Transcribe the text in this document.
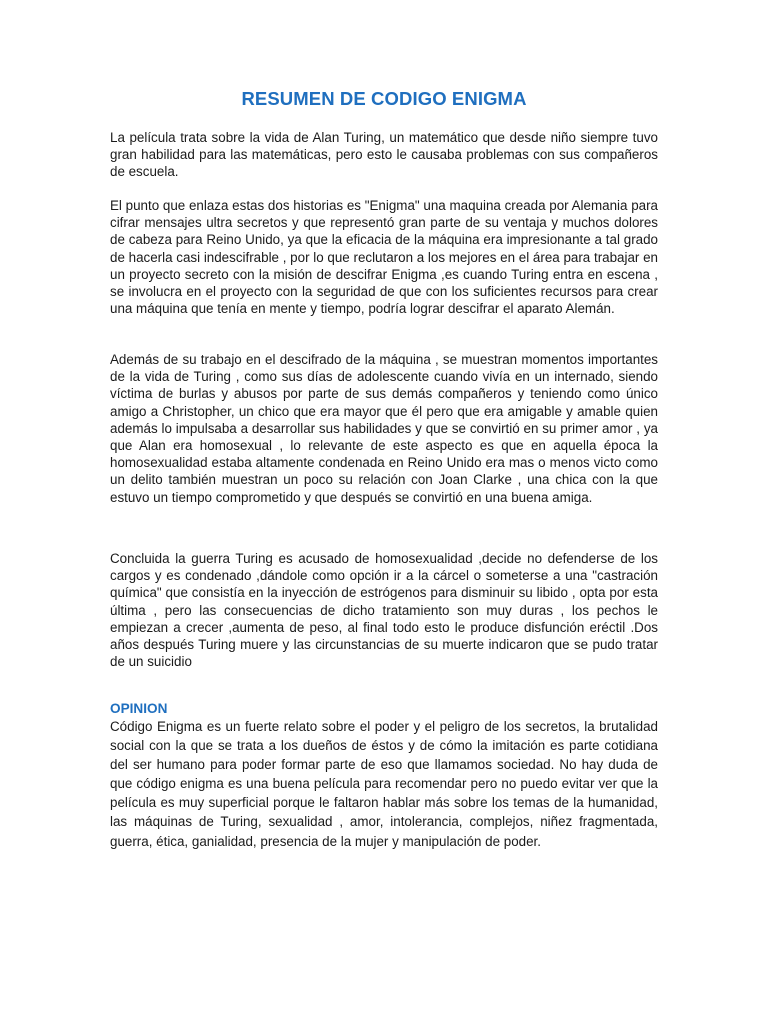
RESUMEN DE CODIGO ENIGMA

La película trata sobre la vida de Alan Turing, un matemático que desde niño siempre tuvo gran habilidad para las matemáticas, pero esto le causaba problemas con sus compañeros de escuela.

El punto que enlaza estas dos historias es "Enigma" una maquina creada por Alemania para cifrar mensajes ultra secretos y que representó gran parte de su ventaja y muchos dolores de cabeza para Reino Unido, ya que la eficacia de la máquina era impresionante a tal grado de hacerla casi indescifrable , por lo que reclutaron a los mejores en el área para trabajar en un proyecto secreto con la misión de descifrar Enigma ,es cuando Turing entra en escena , se involucra en el proyecto con la seguridad de que con los suficientes recursos para crear una máquina que tenía en mente y tiempo, podría lograr descifrar el aparato Alemán.

Además de su trabajo en el descifrado de la máquina , se muestran momentos importantes de la vida de Turing , como sus días de adolescente cuando vivía en un internado, siendo víctima de burlas y abusos por parte de sus demás compañeros y teniendo como único amigo a Christopher, un chico que era mayor que él pero que era amigable y amable quien además lo impulsaba a desarrollar sus habilidades y que se convirtió en su primer amor , ya que Alan era homosexual , lo relevante de este aspecto es que en aquella época la homosexualidad estaba altamente condenada en Reino Unido era mas o menos victo como un delito también muestran un poco su relación con Joan Clarke , una chica con la que estuvo un tiempo comprometido y que después se convirtió en una buena amiga.

Concluida la guerra Turing es acusado de homosexualidad ,decide no defenderse de los cargos y es condenado ,dándole como opción ir a la cárcel o someterse a una "castración química" que consistía en la inyección de estrógenos para disminuir su libido , opta por esta última , pero las consecuencias de dicho tratamiento son muy duras , los pechos le empiezan a crecer ,aumenta de peso, al final todo esto le produce disfunción eréctil .Dos años después Turing muere y las circunstancias de su muerte indicaron que se pudo tratar de un suicidio

OPINION

Código Enigma es un fuerte relato sobre el poder y el peligro de los secretos, la brutalidad social con la que se trata a los dueños de éstos y de cómo la imitación es parte cotidiana del ser humano para poder formar parte de eso que llamamos sociedad. No hay duda de que código enigma es una buena película para recomendar pero no puedo evitar ver que la película es muy superficial porque le faltaron hablar más sobre los temas de la humanidad, las máquinas de Turing, sexualidad , amor, intolerancia, complejos, niñez fragmentada, guerra, ética, ganialidad, presencia de la mujer y manipulación de poder.
